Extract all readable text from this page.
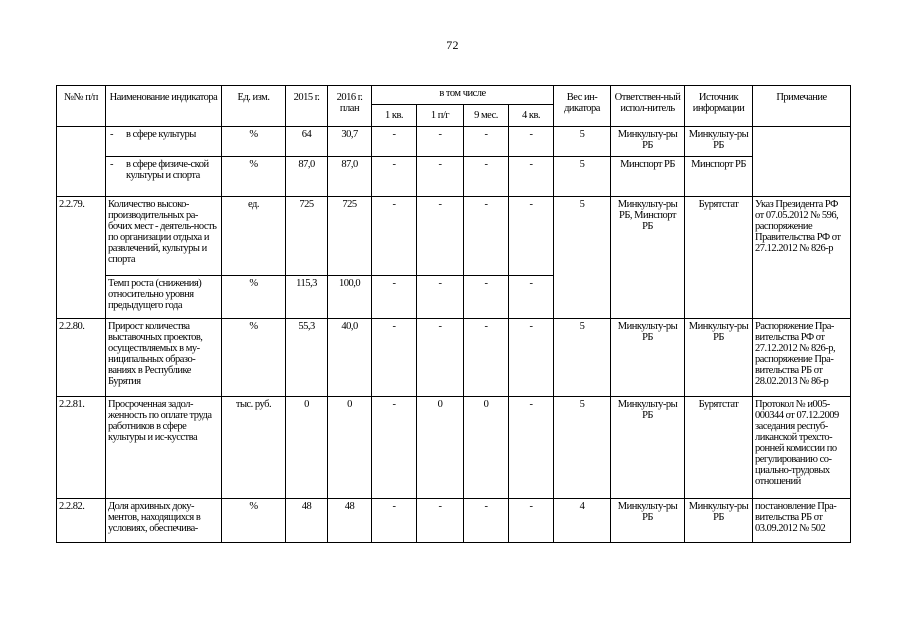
72
№№ п/п	Наименование индикатора	Ед. изм.	2015 г.	2016 г. план	в том числе				Вес ин-дикатора	Ответствен-ный испол-нитель	Источник информации	Примечание
					1 кв.	1 п/г	9 мес.	4 кв.				

	- в сфере культуры	%	64	30,7	-	-	-	-	5	Минкульту-ры РБ	Минкульту-ры РБ	

	- в сфере физиче-ской культуры и спорта	%	87,0	87,0	-	-	-	-	5	Минспорт РБ	Минспорт РБ	
2.2.79.	Количество высоко-производительных ра-бочих мест - деятель-ность по организации отдыха и развлечений, культуры и спорта	ед.	725	725	-	-	-	-	5	Минкульту-ры РБ, Минспорт РБ	Бурятстат	Указ Президента РФ от 07.05.2012 № 596, распоряжение Правительства РФ от 27.12.2012 № 826-р
	Темп роста (снижения) относительно уровня предыдущего года	%	115,3	100,0	-	-	-	-				
2.2.80.	Прирост количества выставочных проектов, осуществляемых в му-ниципальных образо-ваниях в Республике Бурятия	%	55,3	40,0	-	-	-	-	5	Минкульту-ры РБ	Минкульту-ры РБ	Распоряжение Пра-вительства РФ от 27.12.2012 № 826-р, распоряжение Пра-вительства РБ от 28.02.2013 № 86-р
2.2.81.	Просроченная задол-женность по оплате труда работников в сфере культуры и ис-кусства	тыс. руб.	0	0	-	0	0	-	5	Минкульту-ры РБ	Бурятстат	Протокол № и005-000344 от 07.12.2009 заседания респуб-ликанской трехсто-ронней комиссии по регулированию со-циально-трудовых отношений
2.2.82.	Доля архивных доку-ментов, находящихся в условиях, обеспечива-	%	48	48	-	-	-	-	4	Минкульту-ры РБ	Минкульту-ры РБ	постановление Пра-вительства РБ от 03.09.2012 № 502
